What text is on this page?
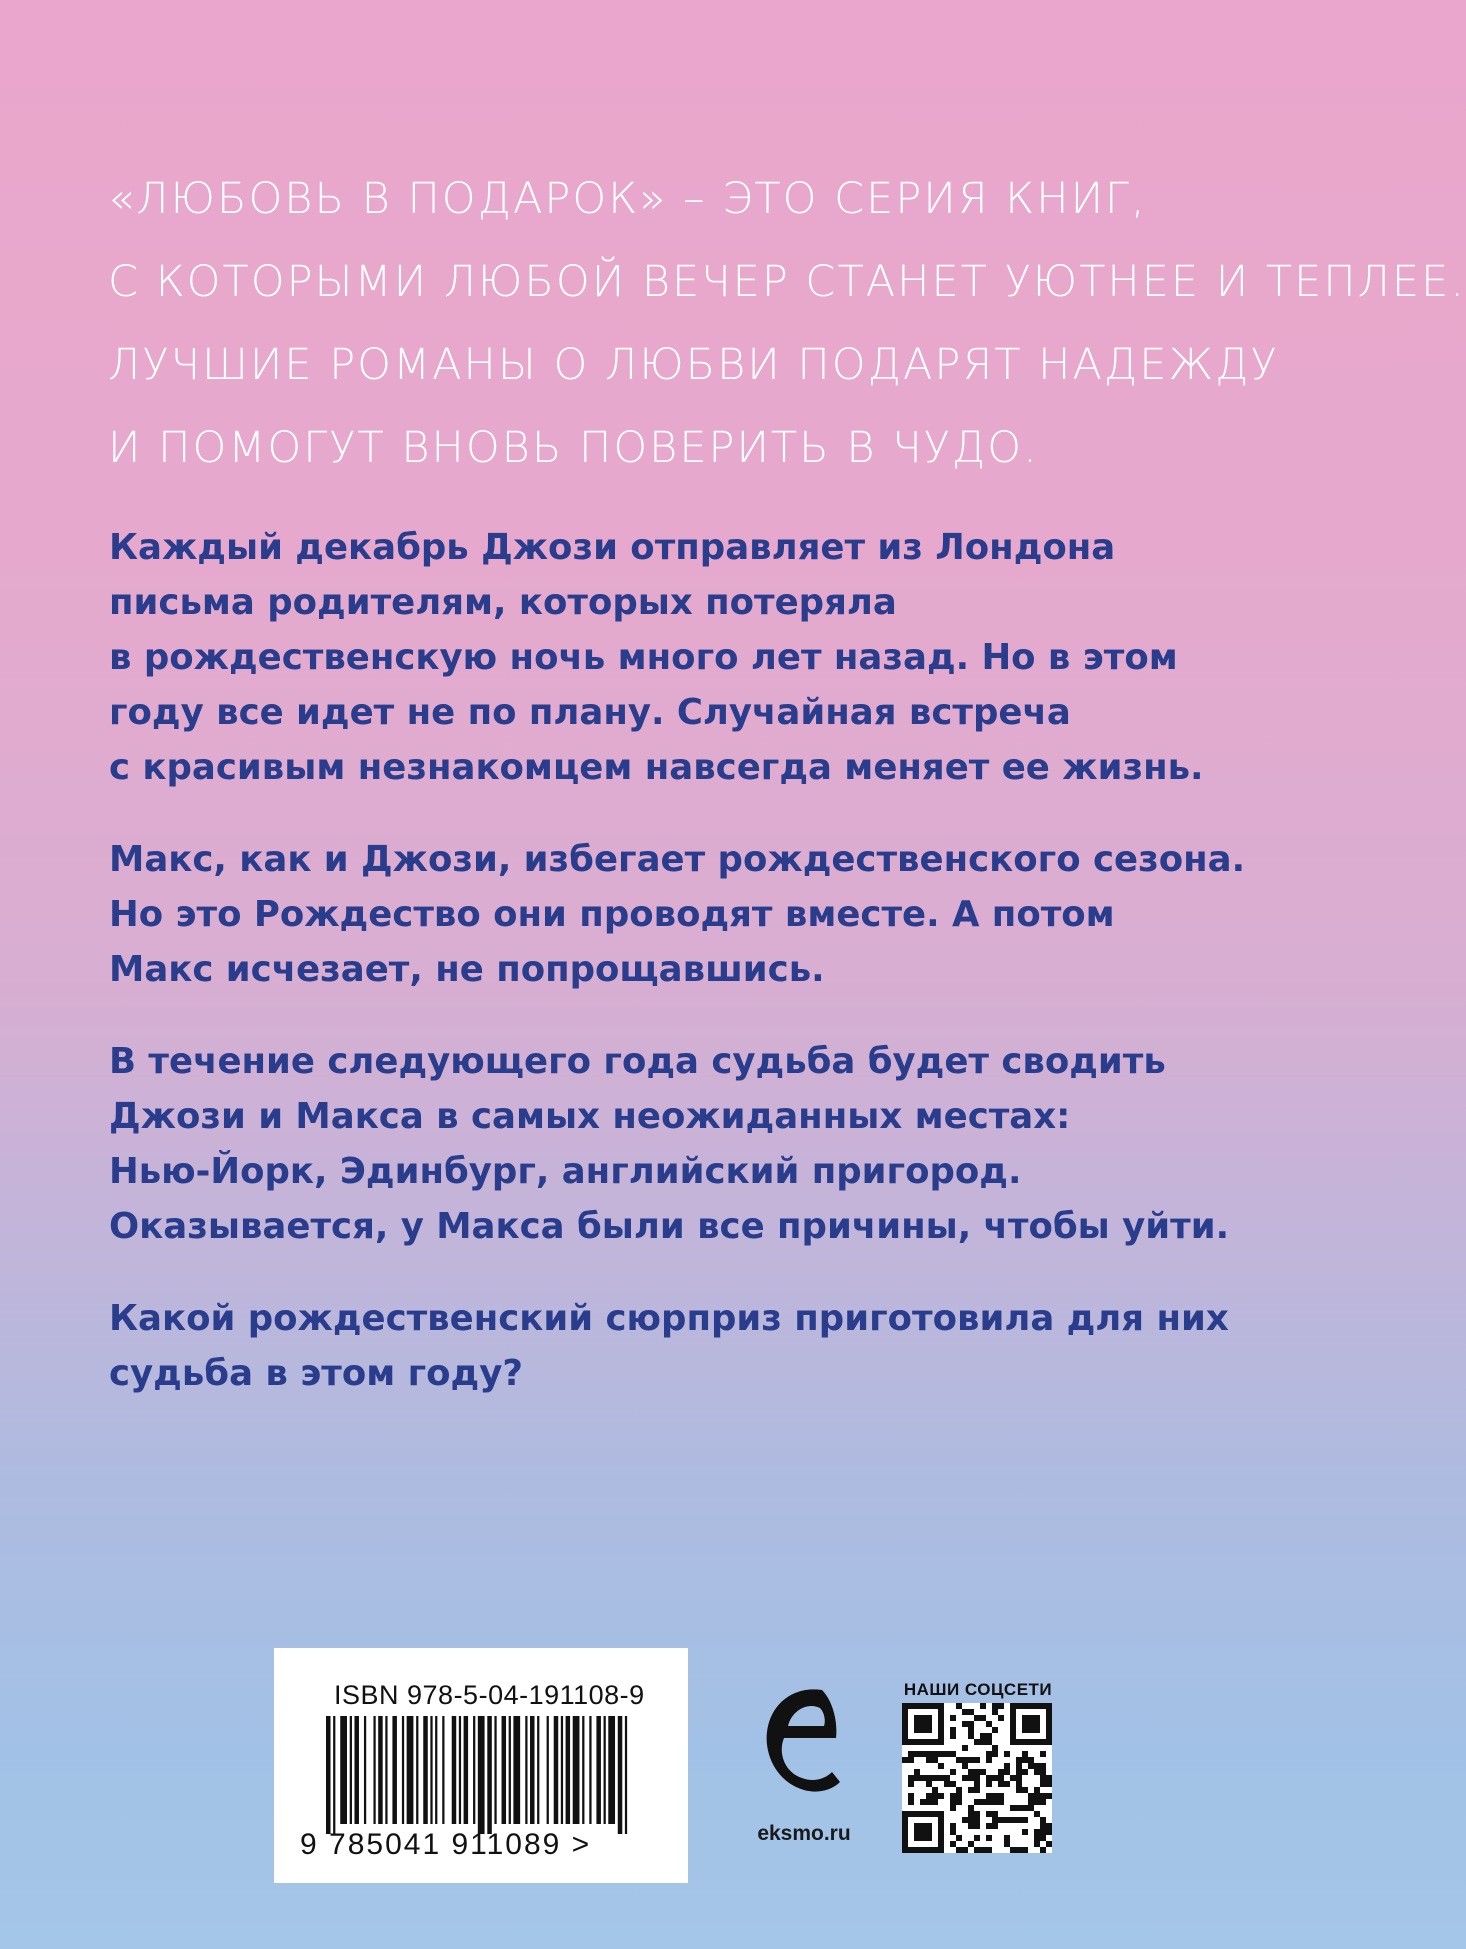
«ЛЮБОВЬ В ПОДАРОК» – ЭТО СЕРИЯ КНИГ,
С КОТОРЫМИ ЛЮБОЙ ВЕЧЕР СТАНЕТ УЮТНЕЕ И ТЕПЛЕЕ.
ЛУЧШИЕ РОМАНЫ О ЛЮБВИ ПОДАРЯТ НАДЕЖДУ
И ПОМОГУТ ВНОВЬ ПОВЕРИТЬ В ЧУДО.

Каждый декабрь Джози отправляет из Лондона
письма родителям, которых потеряла
в рождественскую ночь много лет назад. Но в этом
году все идет не по плану. Случайная встреча
с красивым незнакомцем навсегда меняет ее жизнь.

Макс, как и Джози, избегает рождественского сезона.
Но это Рождество они проводят вместе. А потом
Макс исчезает, не попрощавшись.

В течение следующего года судьба будет сводить
Джози и Макса в самых неожиданных местах:
Нью-Йорк, Эдинбург, английский пригород.
Оказывается, у Макса были все причины, чтобы уйти.

Какой рождественский сюрприз приготовила для них
судьба в этом году?

ISBN 978-5-04-191108-9
9 785041 911089 >	eksmo.ru
НАШИ СОЦСЕТИ
